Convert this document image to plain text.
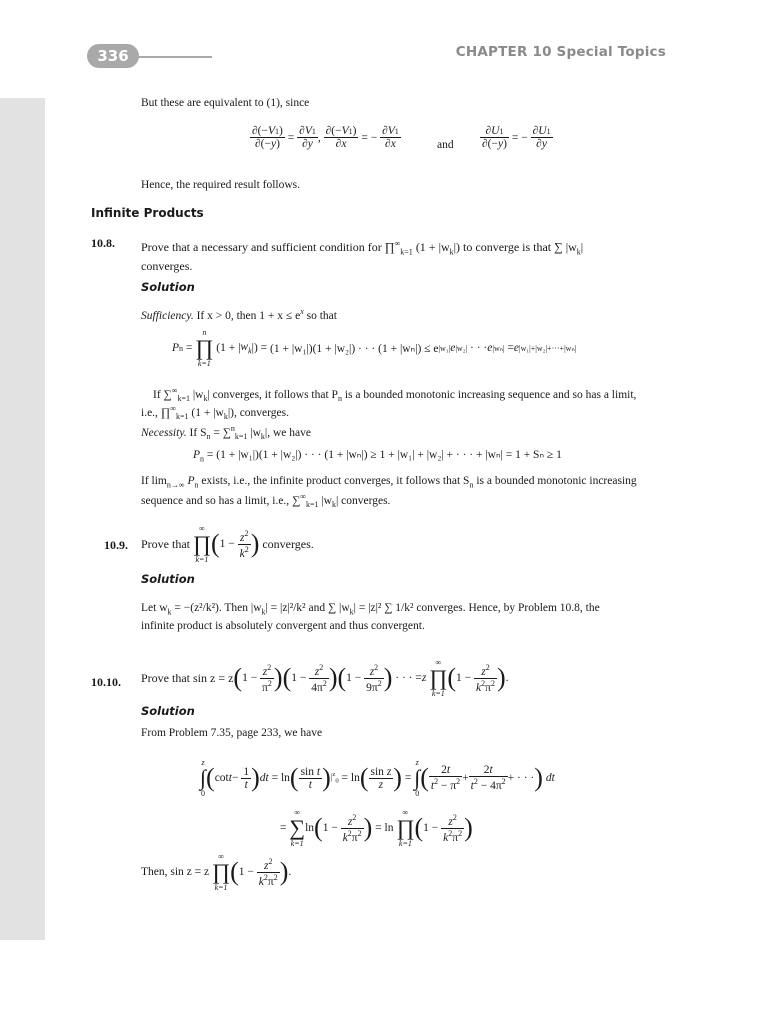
336	CHAPTER 10 Special Topics
But these are equivalent to (1), since
$\frac{\partial(-V1)}{\partial(-y)} = \frac{\partial V1}{\partial y}$ , $\frac{\partial(-V1)}{\partial x}$ = − $\frac{\partial V1}{\partial x}$	and $\frac{\partial U1}{\partial(-y)}$ = − $\frac{\partial U1}{\partial y}$
Hence, the required result follows.
Infinite Products
10.8. Prove that a necessary and sufficient condition for $\prod^\infty_{k=1}$ $(1 + |w_k|)$ to converge is that ∑ $|w_k|$
converges.
Solution
Sufficiency. If x > 0, then $1 + x \le e^x$ so that
P n =
n
∏
k=1
(1 + | $w_k$ |) = (1 + |w₁|)(1 + |w₂|) · · · (1 + |wₙ|) ≤ e |w₁| e |w₂| · · · e |wₙ| = e |w₁|+|w₂|+···+|wₙ|
If $\sum^\infty_{k=1}$ $|w_k|$ converges, it follows that $P_n$ is a bounded monotonic increasing sequence and so has a limit,
i.e., $\prod^\infty_{k=1}$ $(1 + |w_k|)$, converges.
Necessity. If $S_n = \sum^n_{k=1}$ $|w_k|$, we have
$P_n = (1 + |w_1|)(1 + |w_2|)$ · · · (1 + |wₙ|) ≥ 1 + |w₁| + |w₂| + · · · + |wₙ| = 1 + Sₙ ≥ 1
If $\lim_{n\to\infty} P_n$ exists, i.e., the infinite product converges, it follows that $S_n$ is a bounded monotonic increasing
sequence and so has a limit, i.e., $\sum^\infty_{k=1}$ $|w_k|$ converges.
10.9. Prove that

∞
∏
k=1
( $1 - \frac{z^2}{k^2}$ )
converges.
Solution
Let $w_k = -(z^2/k^2)$. Then $|w_k| = |z|^2/k^2$ and ∑ $|w_k| = |z|^2$ ∑ 1/k² converges. Hence, by Problem 10.8, the
infinite product is absolutely convergent and thus convergent.
10.10. Prove that sin z = z ( $1 - \frac{z^2}{\pi^2}$ ) ( $1 - \frac{z^2}{4\pi^2}$ ) ( $1 - \frac{z^2}{9\pi^2}$ ) · · · = z

∞
∏
k=1
( $1 - \frac{z^2}{k^2\pi^2}$ ) .
Solution
From Problem 7.35, page 233, we have
z
∫
0
( $\cot t - \frac{1}{t}$ ) dt = ln ( $\frac{\text{sin t}}{t}$ ) $|^z_0 = \ln$ ( $\frac{\text{sin z}}{z}$ ) =
z
∫
0
( $\frac{2t}{t^2 - \pi^2} + \frac{2t}{t^2 - 4\pi^2}$ + · · · )
dt
=
∞
∑
k=1
ln ( $1 - \frac{z^2}{k^2\pi^2}$ ) = ln
∞
∏
k=1
( $1 - \frac{z^2}{k^2\pi^2}$ )
Then, sin z = z

∞
∏
k=1
( $1 - \frac{z^2}{k^2\pi^2}$ ) .
